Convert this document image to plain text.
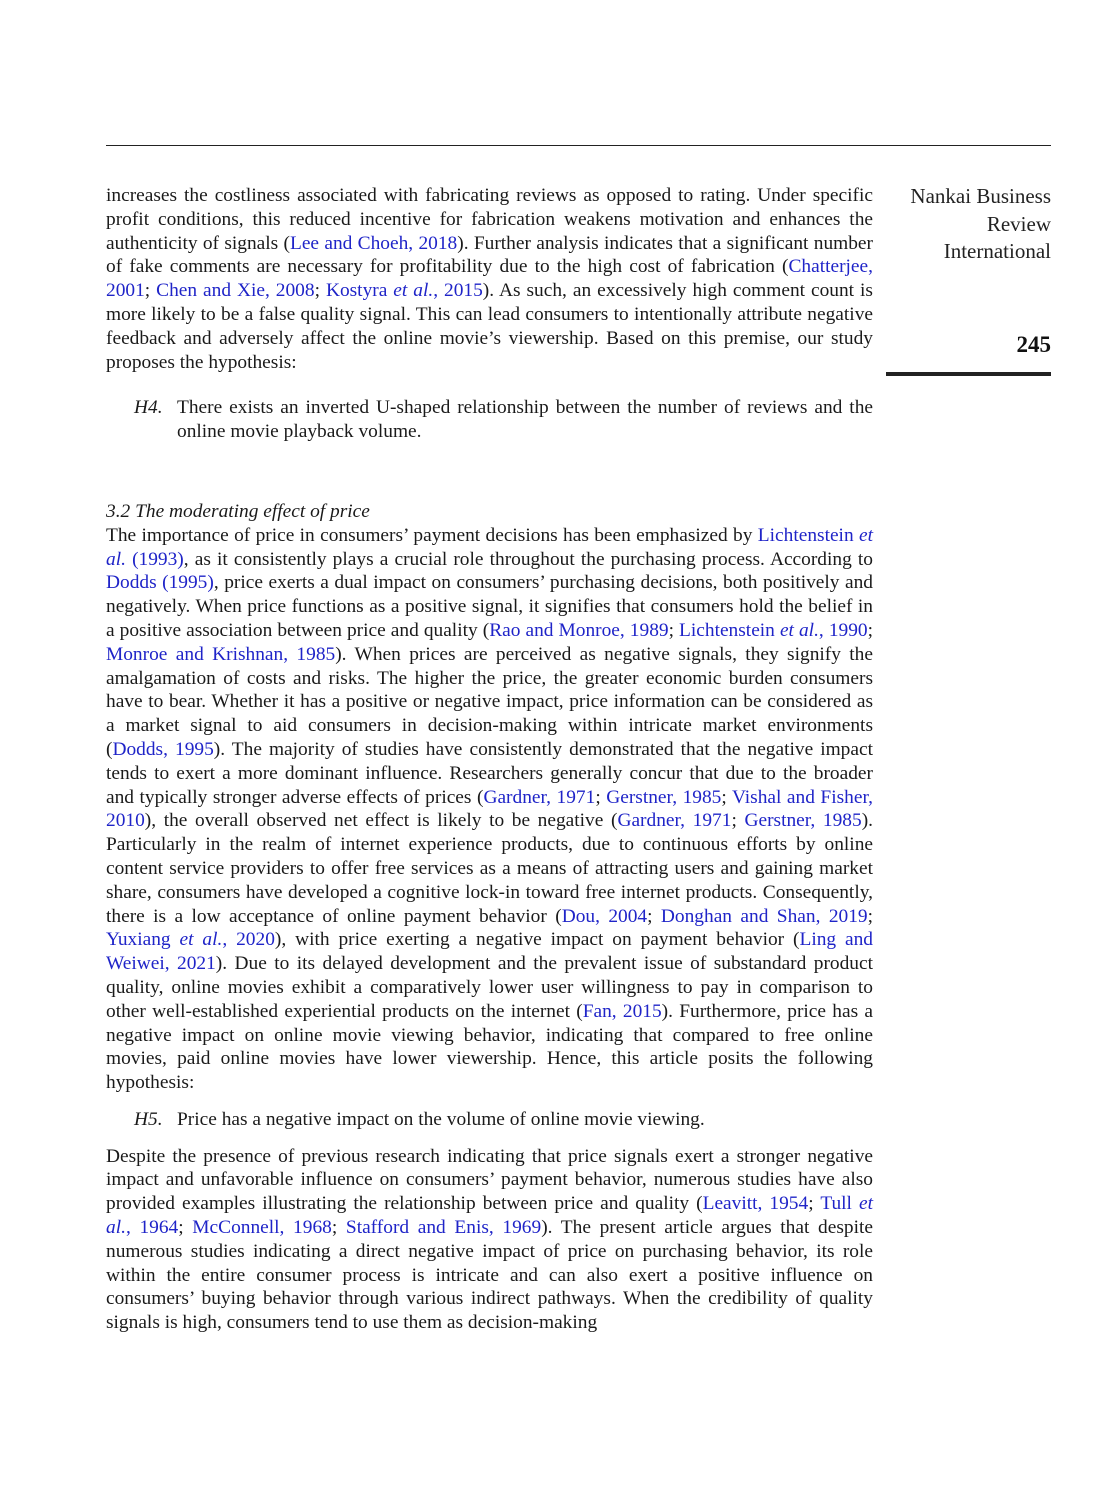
Nankai Business
Review
International
245

increases the costliness associated with fabricating reviews as opposed to rating. Under specific profit conditions, this reduced incentive for fabrication weakens motivation and enhances the authenticity of signals (Lee and Choeh, 2018). Further analysis indicates that a significant number of fake comments are necessary for profitability due to the high cost of fabrication (Chatterjee, 2001; Chen and Xie, 2008; Kostyra et al., 2015). As such, an excessively high comment count is more likely to be a false quality signal. This can lead consumers to intentionally attribute negative feedback and adversely affect the online movie’s viewership. Based on this premise, our study proposes the hypothesis:

H4. There exists an inverted U-shaped relationship between the number of reviews and the online movie playback volume.

3.2 The moderating effect of price

The importance of price in consumers’ payment decisions has been emphasized by Lichtenstein et al. (1993), as it consistently plays a crucial role throughout the purchasing process. According to Dodds (1995), price exerts a dual impact on consumers’ purchasing decisions, both positively and negatively. When price functions as a positive signal, it signifies that consumers hold the belief in a positive association between price and quality (Rao and Monroe, 1989; Lichtenstein et al., 1990; Monroe and Krishnan, 1985). When prices are perceived as negative signals, they signify the amalgamation of costs and risks. The higher the price, the greater economic burden consumers have to bear. Whether it has a positive or negative impact, price information can be considered as a market signal to aid consumers in decision-making within intricate market environments (Dodds, 1995). The majority of studies have consistently demonstrated that the negative impact tends to exert a more dominant influence. Researchers generally concur that due to the broader and typically stronger adverse effects of prices (Gardner, 1971; Gerstner, 1985; Vishal and Fisher, 2010), the overall observed net effect is likely to be negative (Gardner, 1971; Gerstner, 1985). Particularly in the realm of internet experience products, due to continuous efforts by online content service providers to offer free services as a means of attracting users and gaining market share, consumers have developed a cognitive lock-in toward free internet products. Consequently, there is a low acceptance of online payment behavior (Dou, 2004; Donghan and Shan, 2019; Yuxiang et al., 2020), with price exerting a negative impact on payment behavior (Ling and Weiwei, 2021). Due to its delayed development and the prevalent issue of substandard product quality, online movies exhibit a comparatively lower user willingness to pay in comparison to other well-established experiential products on the internet (Fan, 2015). Furthermore, price has a negative impact on online movie viewing behavior, indicating that compared to free online movies, paid online movies have lower viewership. Hence, this article posits the following hypothesis:

H5. Price has a negative impact on the volume of online movie viewing.

Despite the presence of previous research indicating that price signals exert a stronger negative impact and unfavorable influence on consumers’ payment behavior, numerous studies have also provided examples illustrating the relationship between price and quality (Leavitt, 1954; Tull et al., 1964; McConnell, 1968; Stafford and Enis, 1969). The present article argues that despite numerous studies indicating a direct negative impact of price on purchasing behavior, its role within the entire consumer process is intricate and can also exert a positive influence on consumers’ buying behavior through various indirect pathways. When the credibility of quality signals is high, consumers tend to use them as decision-making
